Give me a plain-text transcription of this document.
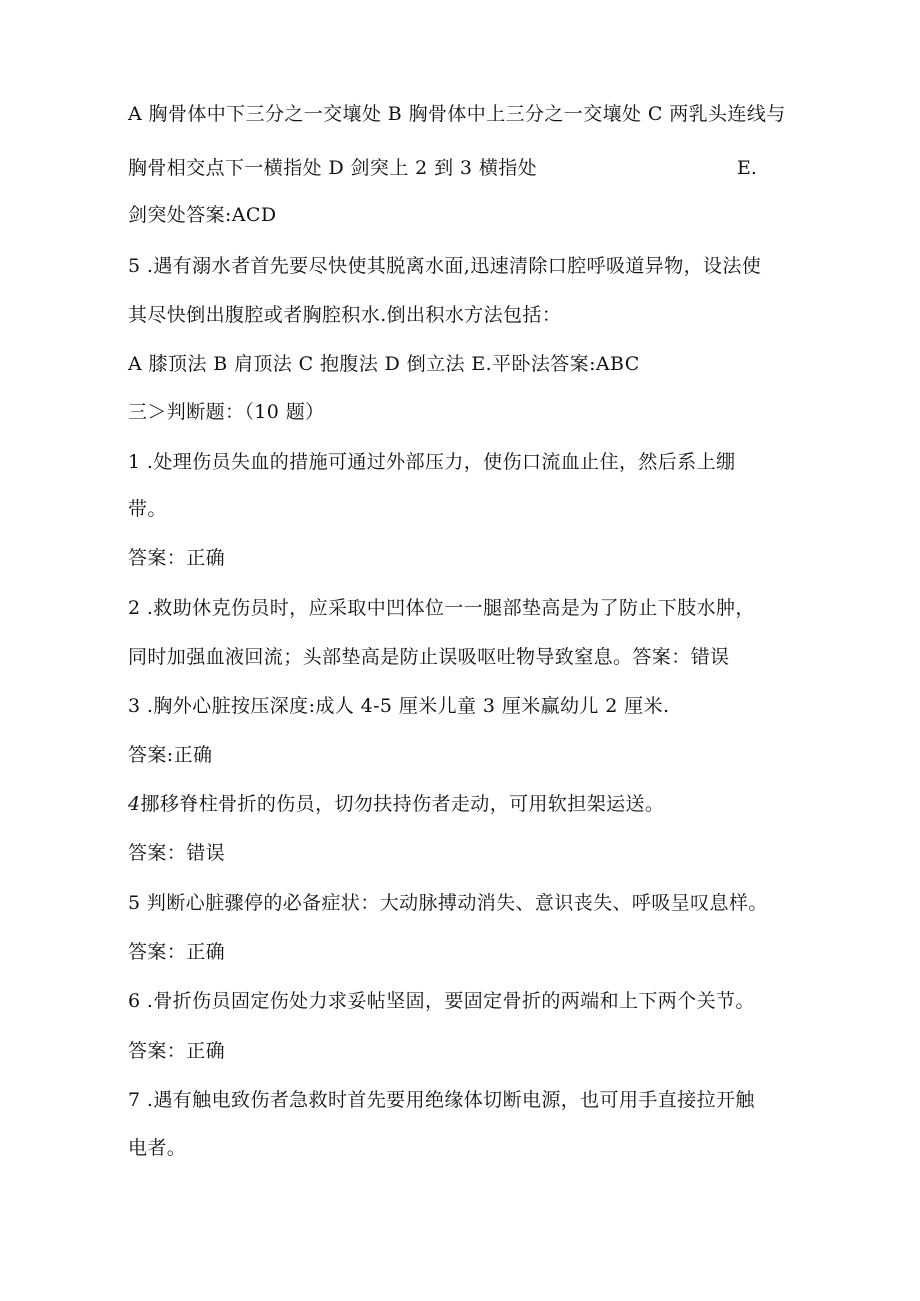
A 胸骨体中下三分之一交壤处 B 胸骨体中上三分之一交壤处 C 两乳头连线与

胸骨相交点下一横指处 D 剑突上 2 到 3 横指处	E.

剑突处答案:ACD

5 .遇有溺水者首先要尽快使其脱离水面,迅速清除口腔呼吸道异物，设法使

其尽快倒出腹腔或者胸腔积水.倒出积水方法包括：

A 膝顶法 B 肩顶法 C 抱腹法 D 倒立法 E.平卧法答案:ABC

三＞判断题：（10 题）

1 .处理伤员失血的措施可通过外部压力，使伤口流血止住，然后系上绷

带。

答案：正确

2 .救助休克伤员时，应采取中凹体位一一腿部垫高是为了防止下肢水肿，

同时加强血液回流；头部垫高是防止误吸呕吐物导致窒息。答案：错误

3 .胸外心脏按压深度:成人 4-5 厘米儿童 3 厘米赢幼儿 2 厘米.

答案:正确

4挪移脊柱骨折的伤员，切勿扶持伤者走动，可用软担架运送。

答案：错误

5 判断心脏骤停的必备症状：大动脉搏动消失、意识丧失、呼吸呈叹息样。

答案：正确

6 .骨折伤员固定伤处力求妥帖坚固，要固定骨折的两端和上下两个关节。

答案：正确

7 .遇有触电致伤者急救时首先要用绝缘体切断电源，也可用手直接拉开触

电者。
